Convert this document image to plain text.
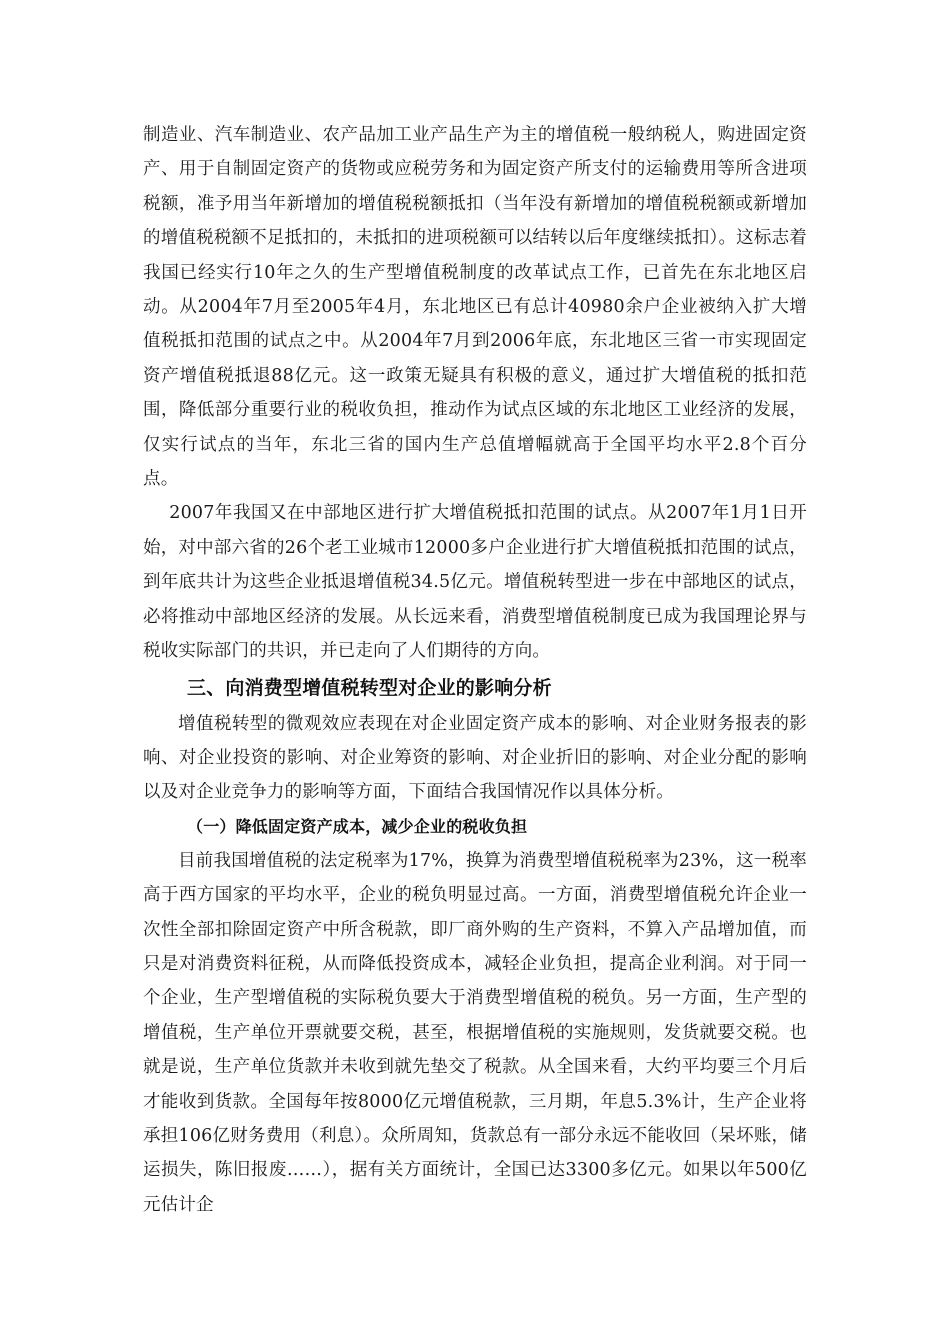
制造业、汽车制造业、农产品加工业产品生产为主的增值税一般纳税人，购进固定资产、用于自制固定资产的货物或应税劳务和为固定资产所支付的运输费用等所含进项税额，准予用当年新增加的增值税税额抵扣（当年没有新增加的增值税税额或新增加的增值税税额不足抵扣的，未抵扣的进项税额可以结转以后年度继续抵扣）。这标志着我国已经实行10年之久的生产型增值税制度的改革试点工作，已首先在东北地区启动。从2004年7月至2005年4月，东北地区已有总计40980余户企业被纳入扩大增值税抵扣范围的试点之中。从2004年7月到2006年底，东北地区三省一市实现固定资产增值税抵退88亿元。这一政策无疑具有积极的意义，通过扩大增值税的抵扣范围，降低部分重要行业的税收负担，推动作为试点区域的东北地区工业经济的发展，仅实行试点的当年，东北三省的国内生产总值增幅就高于全国平均水平2.8个百分点。

2007年我国又在中部地区进行扩大增值税抵扣范围的试点。从2007年1月1日开始，对中部六省的26个老工业城市12000多户企业进行扩大增值税抵扣范围的试点，到年底共计为这些企业抵退增值税34.5亿元。增值税转型进一步在中部地区的试点，必将推动中部地区经济的发展。从长远来看，消费型增值税制度已成为我国理论界与税收实际部门的共识，并已走向了人们期待的方向。

三、向消费型增值税转型对企业的影响分析

增值税转型的微观效应表现在对企业固定资产成本的影响、对企业财务报表的影响、对企业投资的影响、对企业筹资的影响、对企业折旧的影响、对企业分配的影响以及对企业竞争力的影响等方面，下面结合我国情况作以具体分析。

（一）降低固定资产成本，减少企业的税收负担

目前我国增值税的法定税率为17%，换算为消费型增值税税率为23%，这一税率高于西方国家的平均水平，企业的税负明显过高。一方面，消费型增值税允许企业一次性全部扣除固定资产中所含税款，即厂商外购的生产资料，不算入产品增加值，而只是对消费资料征税，从而降低投资成本，减轻企业负担，提高企业利润。对于同一个企业，生产型增值税的实际税负要大于消费型增值税的税负。另一方面，生产型的增值税，生产单位开票就要交税，甚至，根据增值税的实施规则，发货就要交税。也就是说，生产单位货款并未收到就先垫交了税款。从全国来看，大约平均要三个月后才能收到货款。全国每年按8000亿元增值税款，三月期，年息5.3%计，生产企业将承担106亿财务费用（利息）。众所周知，货款总有一部分永远不能收回（呆坏账，储运损失，陈旧报废……），据有关方面统计，全国已达3300多亿元。如果以年500亿元估计企
